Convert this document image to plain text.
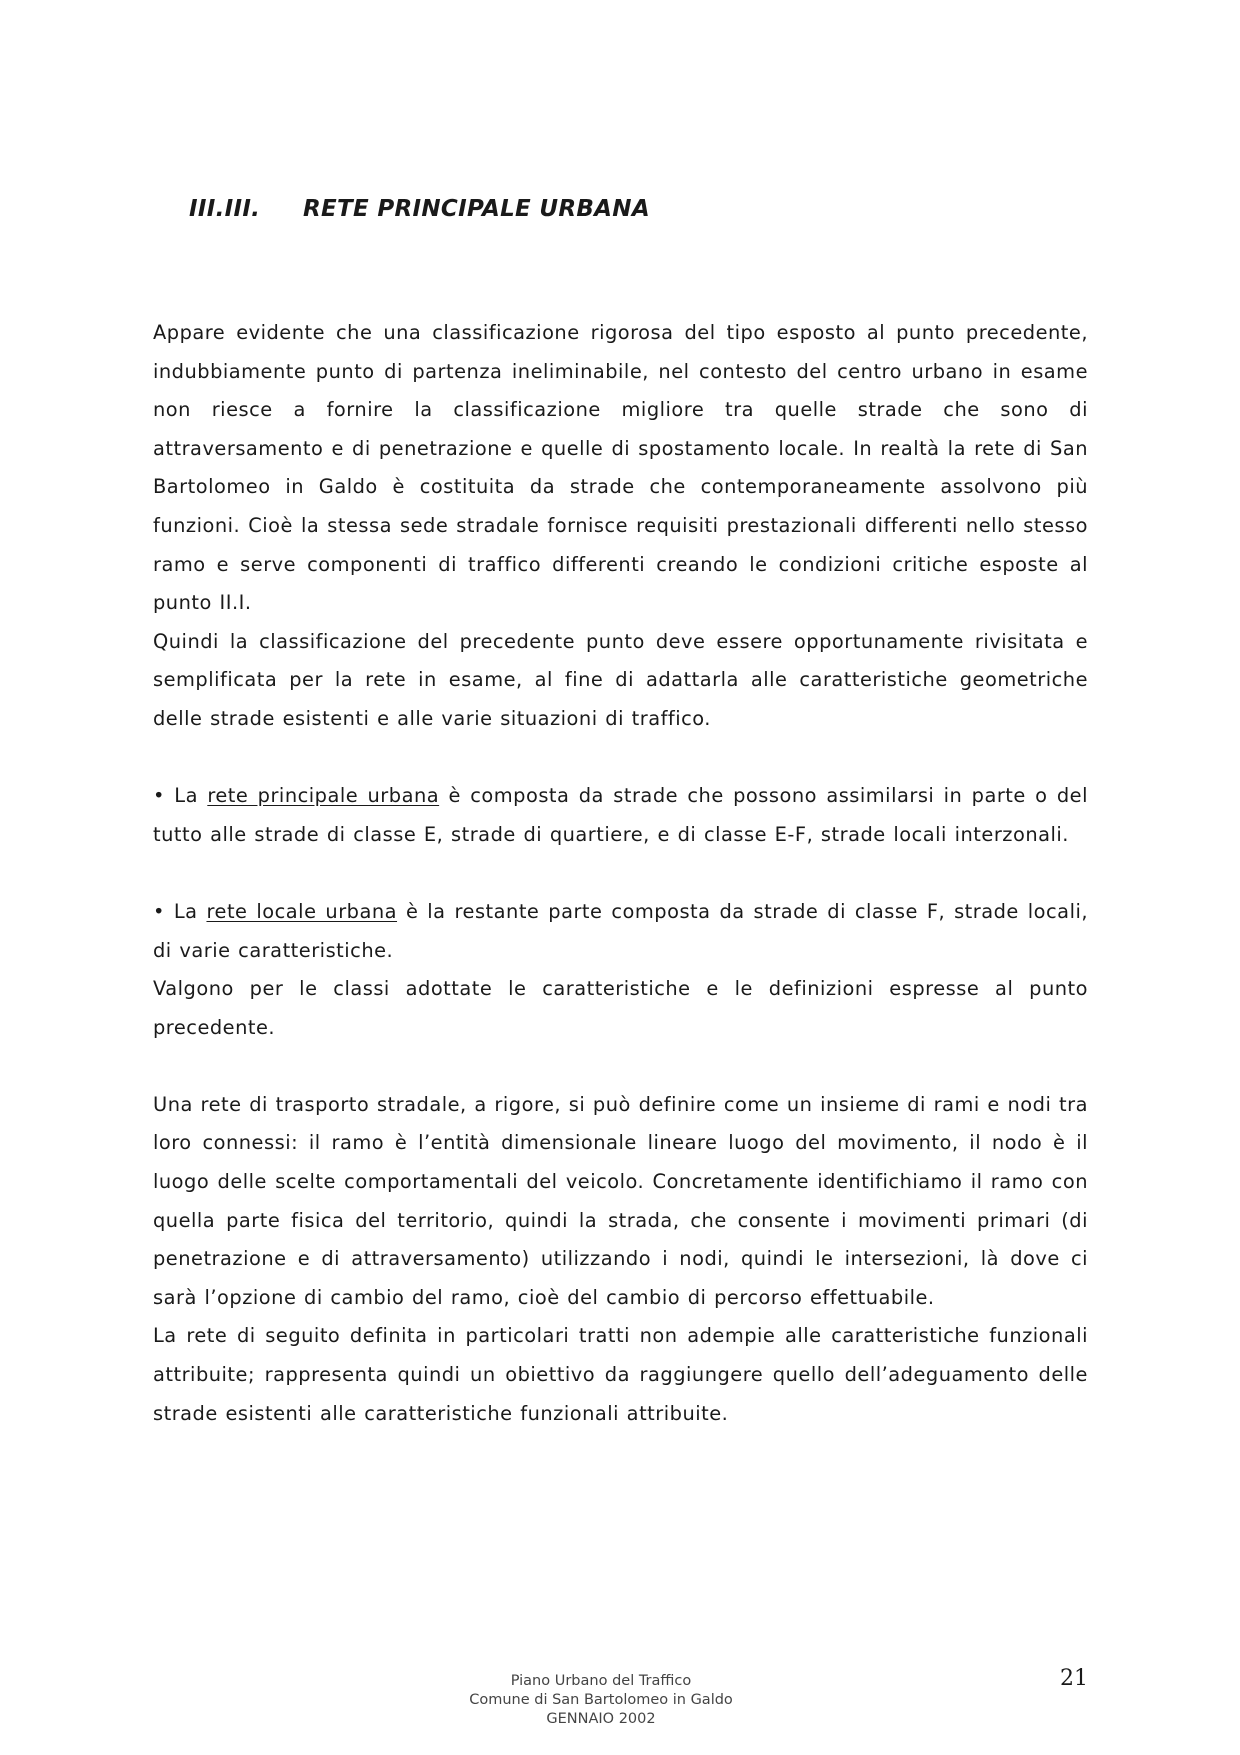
III.III. RETE PRINCIPALE URBANA

Appare evidente che una classificazione rigorosa del tipo esposto al punto precedente, indubbiamente punto di partenza ineliminabile, nel contesto del centro urbano in esame non riesce a fornire la classificazione migliore tra quelle strade che sono di attraversamento e di penetrazione e quelle di spostamento locale. In realtà la rete di San Bartolomeo in Galdo è costituita da strade che contemporaneamente assolvono più funzioni. Cioè la stessa sede stradale fornisce requisiti prestazionali differenti nello stesso ramo e serve componenti di traffico differenti creando le condizioni critiche esposte al punto II.I.

Quindi la classificazione del precedente punto deve essere opportunamente rivisitata e semplificata per la rete in esame, al fine di adattarla alle caratteristiche geometriche delle strade esistenti e alle varie situazioni di traffico.

• La rete principale urbana è composta da strade che possono assimilarsi in parte o del tutto alle strade di classe E, strade di quartiere, e di classe E-F, strade locali interzonali.

• La rete locale urbana è la restante parte composta da strade di classe F, strade locali, di varie caratteristiche.

Valgono per le classi adottate le caratteristiche e le definizioni espresse al punto precedente.

Una rete di trasporto stradale, a rigore, si può definire come un insieme di rami e nodi tra loro connessi: il ramo è l’entità dimensionale lineare luogo del movimento, il nodo è il luogo delle scelte comportamentali del veicolo. Concretamente identifichiamo il ramo con quella parte fisica del territorio, quindi la strada, che consente i movimenti primari (di penetrazione e di attraversamento) utilizzando i nodi, quindi le intersezioni, là dove ci sarà l’opzione di cambio del ramo, cioè del cambio di percorso effettuabile.

La rete di seguito definita in particolari tratti non adempie alle caratteristiche funzionali attribuite; rappresenta quindi un obiettivo da raggiungere quello dell’adeguamento delle strade esistenti alle caratteristiche funzionali attribuite.

Piano Urbano del Traffico
Comune di San Bartolomeo in Galdo
GENNAIO 2002
21
